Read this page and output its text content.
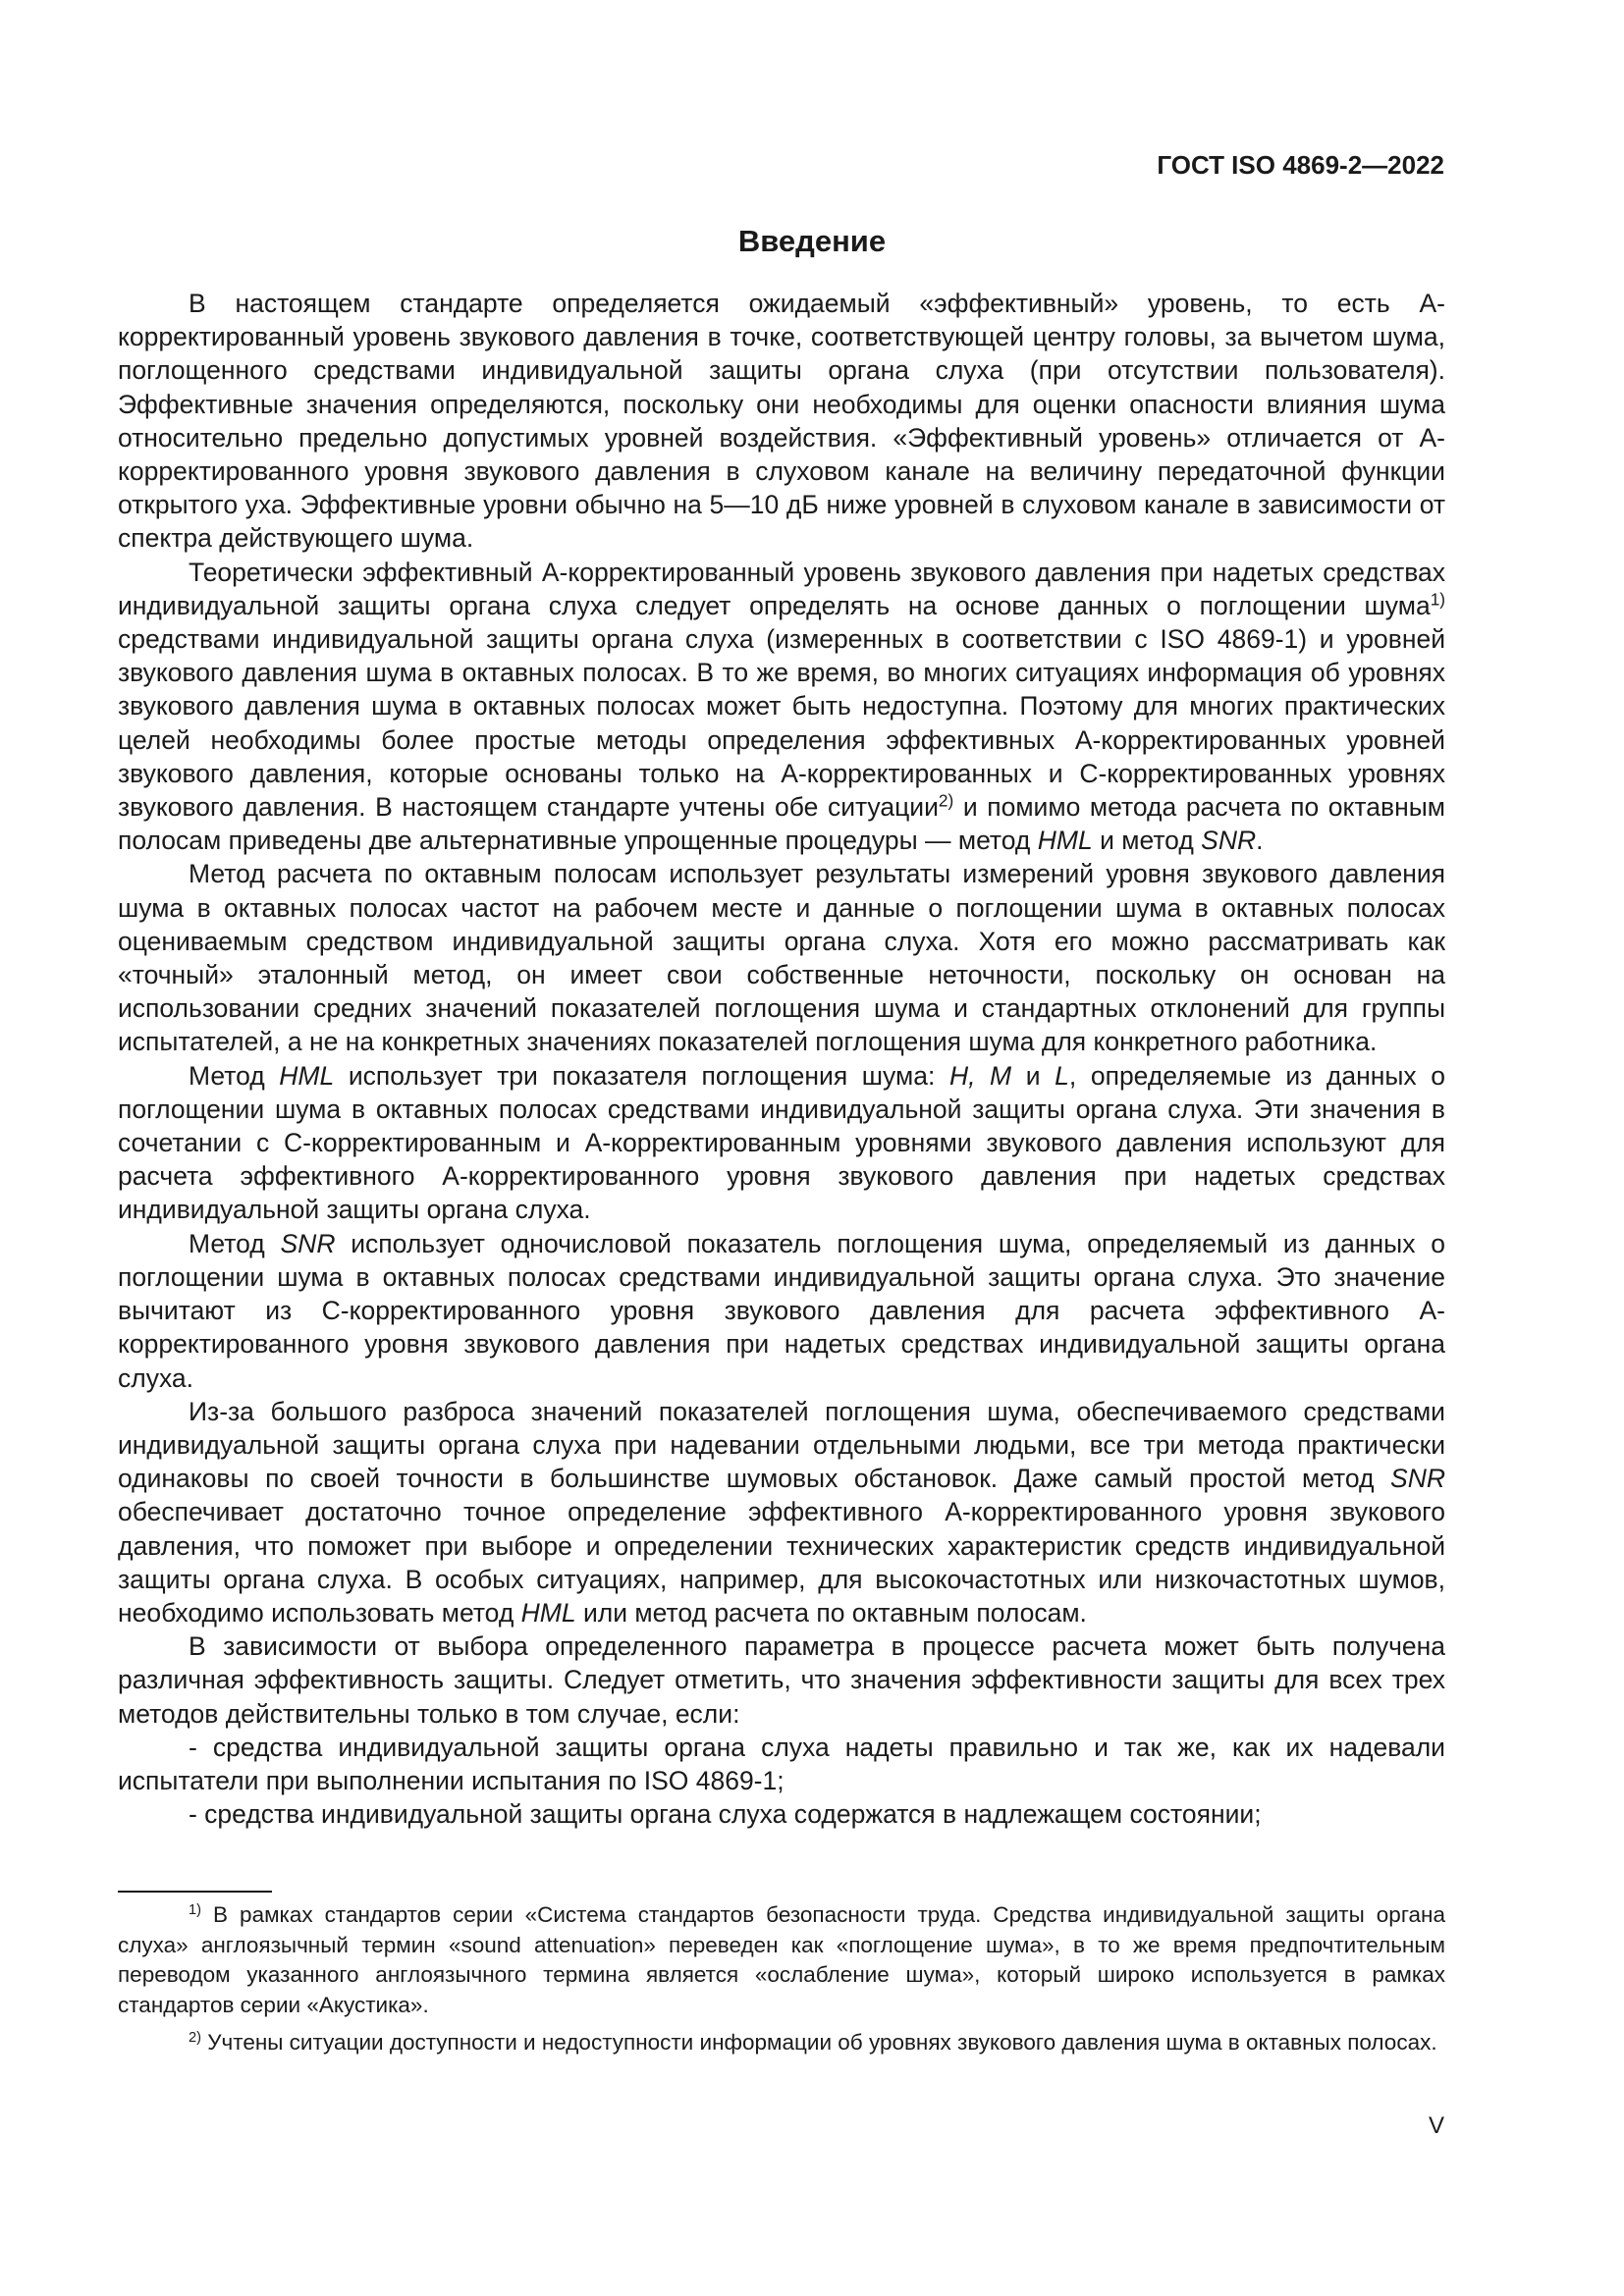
ГОСТ ISO 4869-2—2022
Введение

В настоящем стандарте определяется ожидаемый «эффективный» уровень, то есть A-корректированный уровень звукового давления в точке, соответствующей центру головы, за вычетом шума, поглощенного средствами индивидуальной защиты органа слуха (при отсутствии пользователя). Эффективные значения определяются, поскольку они необходимы для оценки опасности влияния шума относительно предельно допустимых уровней воздействия. «Эффективный уровень» отличается от A-корректированного уровня звукового давления в слуховом канале на величину передаточной функции открытого уха. Эффективные уровни обычно на 5—10 дБ ниже уровней в слуховом канале в зависимости от спектра действующего шума.

Теоретически эффективный A-корректированный уровень звукового давления при надетых средствах индивидуальной защиты органа слуха следует определять на основе данных о поглощении шума$^{1)}$ средствами индивидуальной защиты органа слуха (измеренных в соответствии с ISO 4869-1) и уровней звукового давления шума в октавных полосах. В то же время, во многих ситуациях информация об уровнях звукового давления шума в октавных полосах может быть недоступна. Поэтому для многих практических целей необходимы более простые методы определения эффективных A-корректированных уровней звукового давления, которые основаны только на A-корректированных и C-корректированных уровнях звукового давления. В настоящем стандарте учтены обе ситуации$^{2)}$ и помимо метода расчета по октавным полосам приведены две альтернативные упрощенные процедуры — метод HML и метод SNR.

Метод расчета по октавным полосам использует результаты измерений уровня звукового давления шума в октавных полосах частот на рабочем месте и данные о поглощении шума в октавных полосах оцениваемым средством индивидуальной защиты органа слуха. Хотя его можно рассматривать как «точный» эталонный метод, он имеет свои собственные неточности, поскольку он основан на использовании средних значений показателей поглощения шума и стандартных отклонений для группы испытателей, а не на конкретных значениях показателей поглощения шума для конкретного работника.

Метод HML использует три показателя поглощения шума: H, M и L, определяемые из данных о поглощении шума в октавных полосах средствами индивидуальной защиты органа слуха. Эти значения в сочетании с C-корректированным и A-корректированным уровнями звукового давления используют для расчета эффективного A-корректированного уровня звукового давления при надетых средствах индивидуальной защиты органа слуха.

Метод SNR использует одночисловой показатель поглощения шума, определяемый из данных о поглощении шума в октавных полосах средствами индивидуальной защиты органа слуха. Это значение вычитают из C-корректированного уровня звукового давления для расчета эффективного A-корректированного уровня звукового давления при надетых средствах индивидуальной защиты органа слуха.

Из-за большого разброса значений показателей поглощения шума, обеспечиваемого средствами индивидуальной защиты органа слуха при надевании отдельными людьми, все три метода практически одинаковы по своей точности в большинстве шумовых обстановок. Даже самый простой метод SNR обеспечивает достаточно точное определение эффективного A-корректированного уровня звукового давления, что поможет при выборе и определении технических характеристик средств индивидуальной защиты органа слуха. В особых ситуациях, например, для высокочастотных или низкочастотных шумов, необходимо использовать метод HML или метод расчета по октавным полосам.

В зависимости от выбора определенного параметра в процессе расчета может быть получена различная эффективность защиты. Следует отметить, что значения эффективности защиты для всех трех методов действительны только в том случае, если:

- средства индивидуальной защиты органа слуха надеты правильно и так же, как их надевали испытатели при выполнении испытания по ISO 4869-1;

- средства индивидуальной защиты органа слуха содержатся в надлежащем состоянии;

$^{1)}$ В рамках стандартов серии «Система стандартов безопасности труда. Средства индивидуальной защиты органа слуха» англоязычный термин «sound attenuation» переведен как «поглощение шума», в то же время предпочтительным переводом указанного англоязычного термина является «ослабление шума», который широко используется в рамках стандартов серии «Акустика».

$^{2)}$ Учтены ситуации доступности и недоступности информации об уровнях звукового давления шума в октавных полосах.

V
